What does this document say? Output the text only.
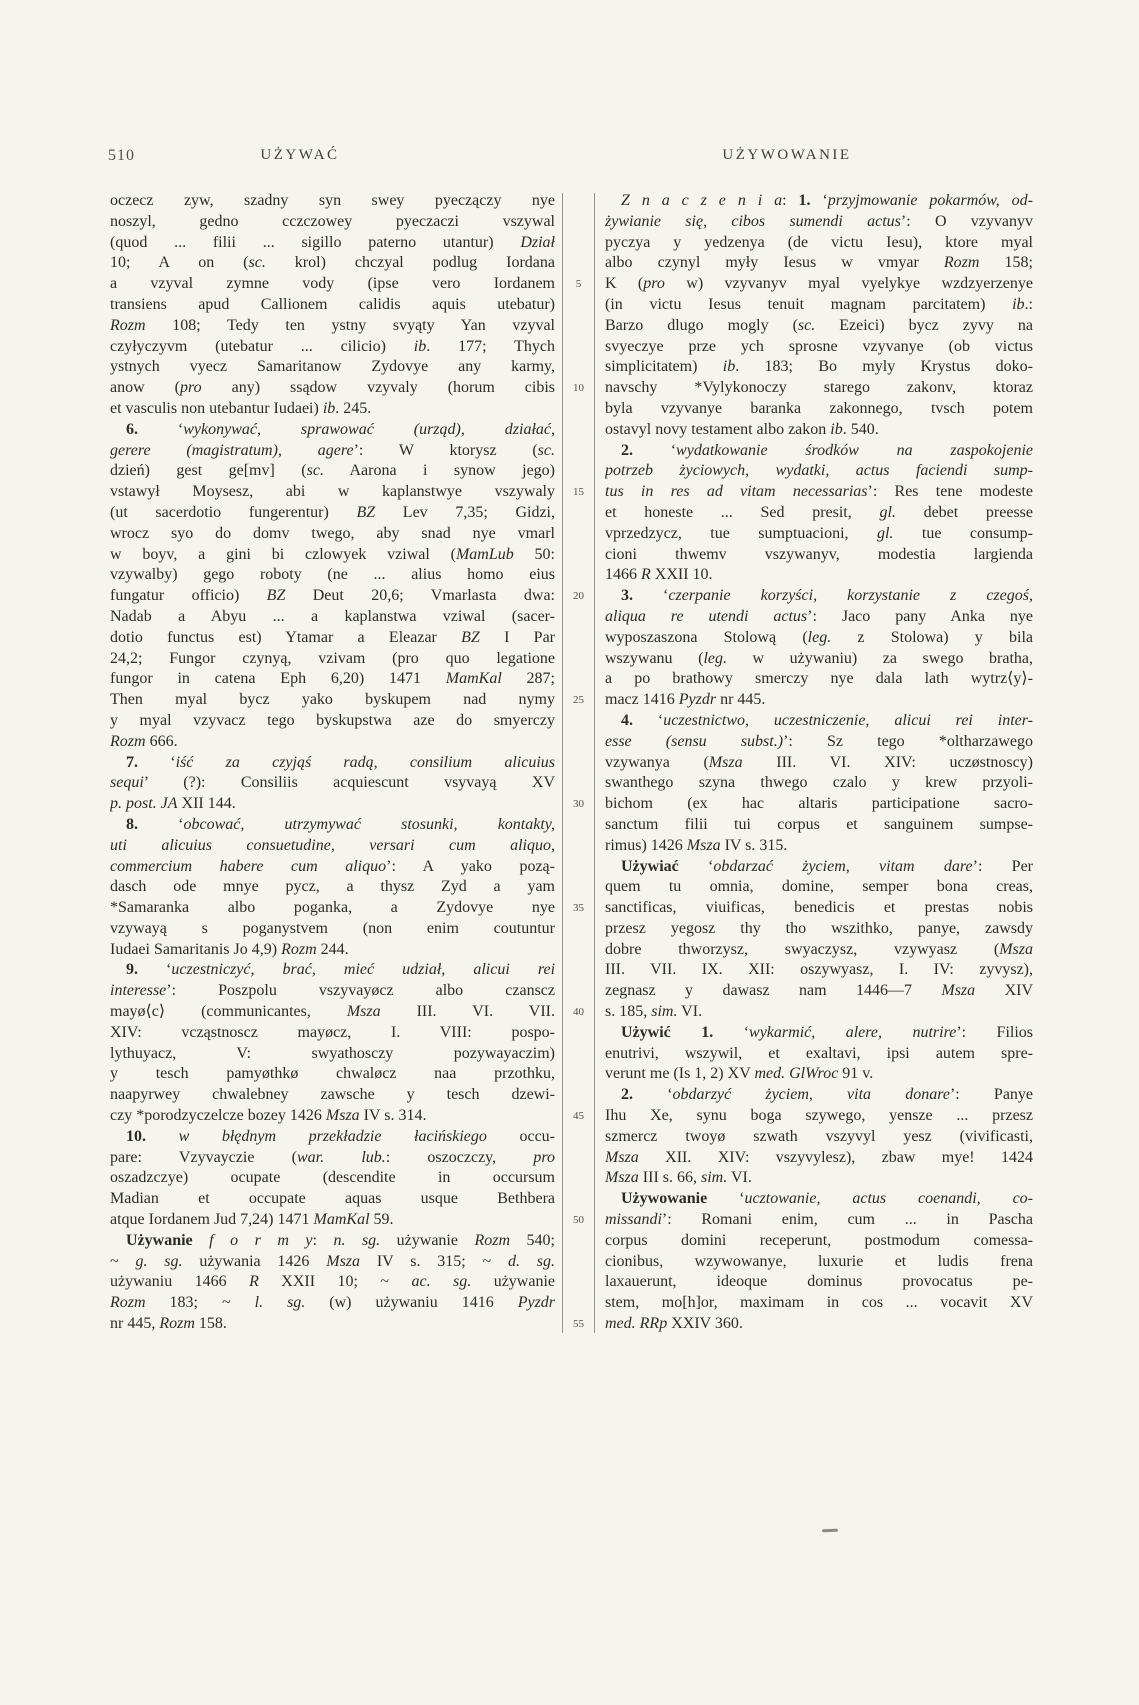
510	UŻYWAĆ	UŻYWOWANIE
oczecz zyw, szadny syn swey pyeczączy nye
noszyl, gedno cczczowey pyeczaczi vszywal
(quod ... filii ... sigillo paterno utantur) Dział
10; A on (sc. krol) chczyal podlug Iordana
a vzyval zymne vody (ipse vero Iordanem
transiens apud Callionem calidis aquis utebatur)
Rozm 108; Tedy ten ystny svyąty Yan vzyval
czyłyczyvm (utebatur ... cilicio) ib. 177; Thych
ystnych vyecz Samaritanow Zydovye any karmy,
anow (pro any) ssądow vzyvaly (horum cibis
et vasculis non utebantur Iudaei) ib. 245.
6. ‘wykonywać, sprawować (urząd), działać,
gerere (magistratum), agere’: W ktorysz (sc.
dzień) gest ge[mv] (sc. Aarona i synow jego)
vstawył Moysesz, abi w kaplanstwye vszywaly
(ut sacerdotio fungerentur) BZ Lev 7,35; Gidzi,
wrocz syo do domv twego, aby snad nye vmarl
w boyv, a gini bi czlowyek vziwal (MamLub 50:
vzywalby) gego roboty (ne ... alius homo eius
fungatur officio) BZ Deut 20,6; Vmarlasta dwa:
Nadab a Abyu ... a kaplanstwa vziwal (sacer-
dotio functus est) Ytamar a Eleazar BZ I Par
24,2; Fungor czynyą, vzivam (pro quo legatione
fungor in catena Eph 6,20) 1471 MamKal 287;
Then myal bycz yako byskupem nad nymy
y myal vzyvacz tego byskupstwa aze do smyerczy
Rozm 666.
7. ‘iść za czyjąś radą, consilium alicuius
sequi’ (?): Consiliis acquiescunt vsyvayą XV
p. post. JA XII 144.
8. ‘obcować, utrzymywać stosunki, kontakty,
uti alicuius consuetudine, versari cum aliquo,
commercium habere cum aliquo’: A yako pozą-
dasch ode mnye pycz, a thysz Zyd a yam
*Samaranka albo poganka, a Zydovye nye
vzywayą s poganystvem (non enim coutuntur
Iudaei Samaritanis Jo 4,9) Rozm 244.
9. ‘uczestniczyć, brać, mieć udział, alicui rei
interesse’: Poszpolu vszyvayøcz albo czanscz
mayø⟨c⟩ (communicantes, Msza III. VI. VII.
XIV: vcząstnoscz mayøcz, I. VIII: pospo-
lythuyacz, V: swyathosczy pozywayaczim)
y tesch pamyøthkø chwaløcz naa przothku,
naapyrwey chwalebney zawsche y tesch dzewi-
czy *porodzyczelcze bozey 1426 Msza IV s. 314.
10. w błędnym przekładzie łacińskiego occu-
pare: Vzyvayczie (war. lub.: oszoczczy, pro
oszadzczye) ocupate (descendite in occursum
Madian et occupate aquas usque Bethbera
atque Iordanem Jud 7,24) 1471 MamKal 59.
Używanie f o r m y: n. sg. używanie Rozm 540;
~ g. sg. używania 1426 Msza IV s. 315; ~ d. sg.
używaniu 1466 R XXII 10; ~ ac. sg. używanie
Rozm 183; ~ l. sg. (w) używaniu 1416 Pyzdr
nr 445, Rozm 158.
5
10
15
20
25
30
35
40
45
50
55
Z n a c z e n i a: 1. ‘przyjmowanie pokarmów, od-
żywianie się, cibos sumendi actus’: O vzyvanyv
pyczya y yedzenya (de victu Iesu), ktore myal
albo czynyl myły Iesus w vmyar Rozm 158;
K (pro w) vzyvanyv myal vyelykye wzdzyerzenye
(in victu Iesus tenuit magnam parcitatem) ib.:
Barzo dlugo mogly (sc. Ezeici) bycz zyvy na
svyeczye prze ych sprosne vzyvanye (ob victus
simplicitatem) ib. 183; Bo myly Krystus doko-
navschy *Vylykonoczy starego zakonv, ktoraz
byla vzyvanye baranka zakonnego, tvsch potem
ostavyl novy testament albo zakon ib. 540.
2. ‘wydatkowanie środków na zaspokojenie
potrzeb życiowych, wydatki, actus faciendi sump-
tus in res ad vitam necessarias’: Res tene modeste
et honeste ... Sed presit, gl. debet preesse
vprzedzycz, tue sumptuacioni, gl. tue consump-
cioni thwemv vszywanyv, modestia largienda
1466 R XXII 10.
3. ‘czerpanie korzyści, korzystanie z czegoś,
aliqua re utendi actus’: Jaco pany Anka nye
wyposzaszona Stolową (leg. z Stolowa) y bila
wszywanu (leg. w używaniu) za swego bratha,
a po brathowy smerczy nye dala lath wytrz⟨y⟩-
macz 1416 Pyzdr nr 445.
4. ‘uczestnictwo, uczestniczenie, alicui rei inter-
esse (sensu subst.)’: Sz tego *oltharzawego
vzywanya (Msza III. VI. XIV: uczøstnoscy)
swanthego szyna thwego czalo y krew przyoli-
bichom (ex hac altaris participatione sacro-
sanctum filii tui corpus et sanguinem sumpse-
rimus) 1426 Msza IV s. 315.
Używiać ‘obdarzać życiem, vitam dare’: Per
quem tu omnia, domine, semper bona creas,
sanctificas, viuificas, benedicis et prestas nobis
przesz yegosz thy tho wszithko, panye, zawsdy
dobre thworzysz, swyaczysz, vzywyasz (Msza
III. VII. IX. XII: oszywyasz, I. IV: zyvysz),
zegnasz y dawasz nam 1446—7 Msza XIV
s. 185, sim. VI.
Używić 1. ‘wykarmić, alere, nutrire’: Filios
enutrivi, wszywil, et exaltavi, ipsi autem spre-
verunt me (Is 1, 2) XV med. GlWroc 91 v.
2. ‘obdarzyć życiem, vita donare’: Panye
Ihu Xe, synu boga szywego, yensze ... przesz
szmercz twoyø szwath vszyvyl yesz (vivificasti,
Msza XII. XIV: vszyvylesz), zbaw mye! 1424
Msza III s. 66, sim. VI.
Używowanie ‘ucztowanie, actus coenandi, co-
missandi’: Romani enim, cum ... in Pascha
corpus domini receperunt, postmodum comessa-
cionibus, wzywowanye, luxurie et ludis frena
laxauerunt, ideoque dominus provocatus pe-
stem, mo[h]or, maximam in cos ... vocavit XV
med. RRp XXIV 360.
